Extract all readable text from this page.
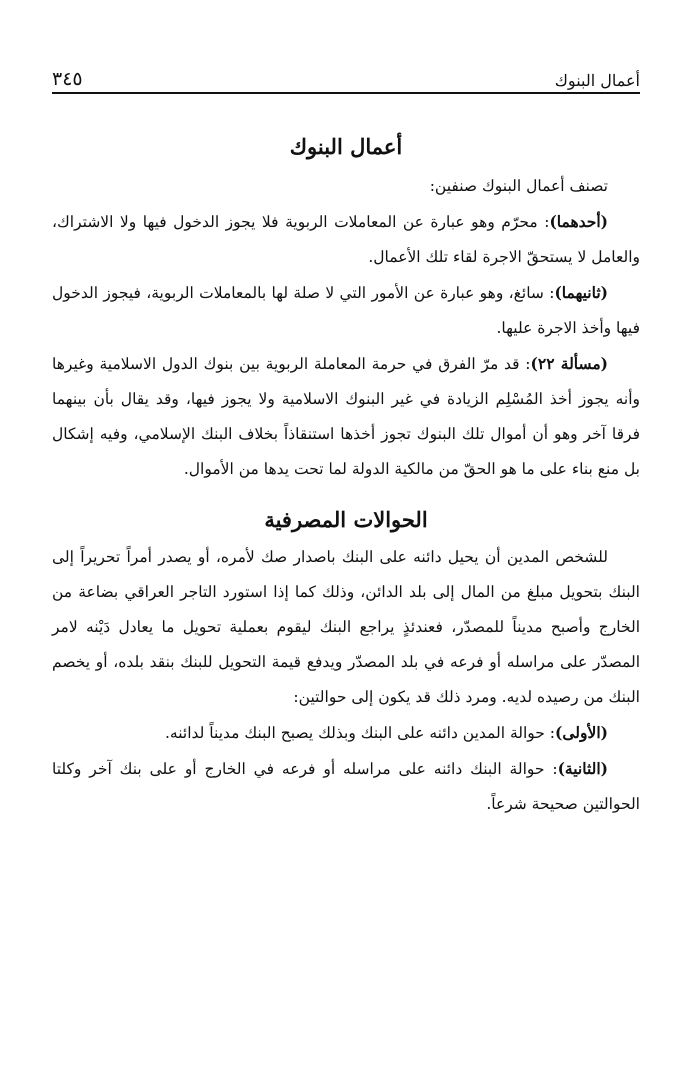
أعمال البنوك
٣٤٥
أعمال البنوك

تصنف أعمال البنوك صنفين:

(أحدهما): محرّم وهو عبارة عن المعاملات الربوية فلا يجوز الدخول فيها ولا الاشتراك، والعامل لا يستحقّ الاجرة لقاء تلك الأعمال.

(ثانيهما): سائغ، وهو عبارة عن الأمور التي لا صلة لها بالمعاملات الربوية، فيجوز الدخول فيها وأخذ الاجرة عليها.

(مسألة ٢٢): قد مرّ الفرق في حرمة المعاملة الربوية بين بنوك الدول الاسلامية وغيرها وأنه يجوز أخذ المُسْلِم الزيادة في غير البنوك الاسلامية ولا يجوز فيها، وقد يقال بأن بينهما فرقا آخر وهو أن أموال تلك البنوك تجوز أخذها استنقاذاً بخلاف البنك الإسلامي، وفيه إشكال بل منع بناء على ما هو الحقّ من مالكية الدولة لما تحت يدها من الأموال.

الحوالات المصرفية

للشخص المدين أن يحيل دائنه على البنك باصدار صك لأمره، أو يصدر أمراً تحريراً إلى البنك بتحويل مبلغ من المال إلى بلد الدائن، وذلك كما إذا استورد التاجر العراقي بضاعة من الخارج وأصبح مديناً للمصدّر، فعندئذٍ يراجع البنك ليقوم بعملية تحويل ما يعادل دَيْنه لامر المصدّر على مراسله أو فرعه في بلد المصدّر ويدفع قيمة التحويل للبنك بنقد بلده، أو يخصم البنك من رصيده لديه. ومرد ذلك قد يكون إلى حوالتين:

(الأولى): حوالة المدين دائنه على البنك وبذلك يصبح البنك مديناً لدائنه.

(الثانية): حوالة البنك دائنه على مراسله أو فرعه في الخارج أو على بنك آخر وكلتا الحوالتين صحيحة شرعاً.
